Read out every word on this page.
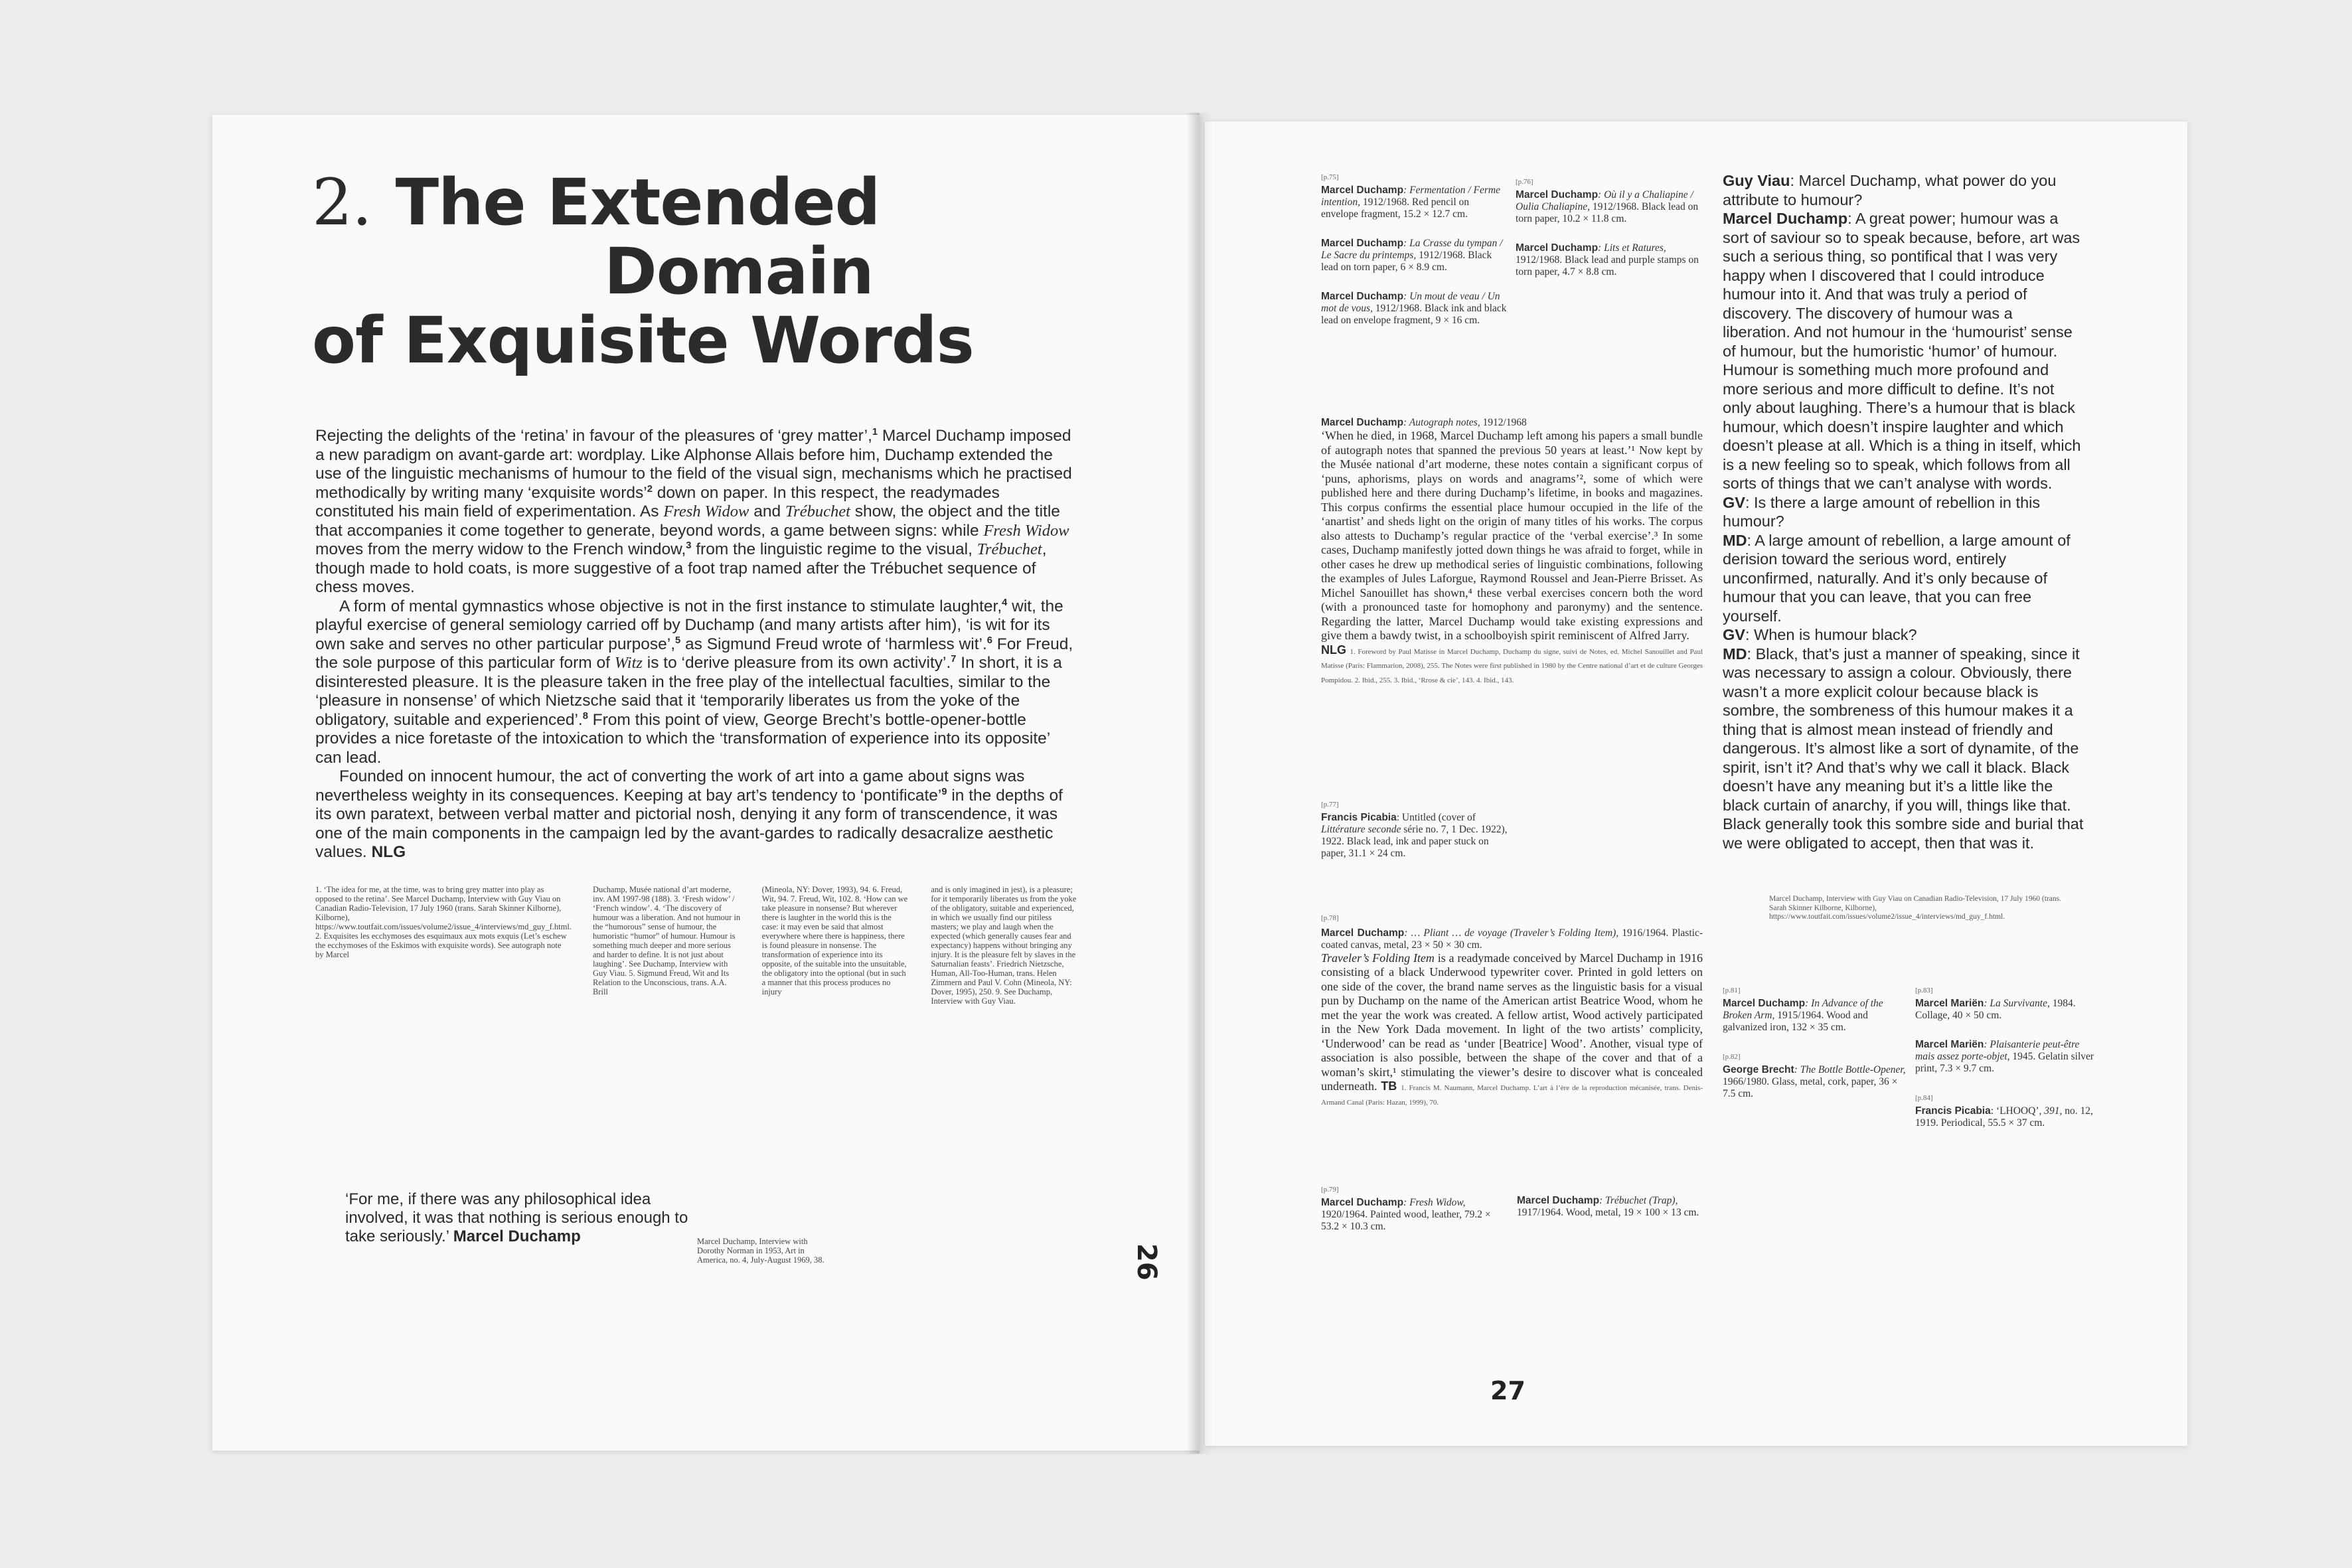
2. The Extended
Domain
of Exquisite Words

Rejecting the delights of the ‘retina’ in favour of the pleasures of ‘grey matter’,$^1$ Marcel Duchamp imposed a new paradigm on avant-garde art: wordplay. Like Alphonse Allais before him, Duchamp extended the use of the linguistic mechanisms of humour to the field of the visual sign, mechanisms which he practised methodically by writing many ‘exquisite words’$^2$ down on paper. In this respect, the readymades constituted his main field of experimentation. As Fresh Widow and Trébuchet show, the object and the title that accompanies it come together to generate, beyond words, a game between signs: while Fresh Widow moves from the merry widow to the French window,$^3$ from the linguistic regime to the visual, Trébuchet, though made to hold coats, is more suggestive of a foot trap named after the Trébuchet sequence of chess moves.

A form of mental gymnastics whose objective is not in the first instance to stimulate laughter,$^4$ wit, the playful exercise of general semiology carried off by Duchamp (and many artists after him), ‘is wit for its own sake and serves no other particular purpose’,$^5$ as Sigmund Freud wrote of ‘harmless wit’.$^6$ For Freud, the sole purpose of this particular form of Witz is to ‘derive pleasure from its own activity’.$^7$ In short, it is a disinterested pleasure. It is the pleasure taken in the free play of the intellectual faculties, similar to the ‘pleasure in nonsense’ of which Nietzsche said that it ‘temporarily liberates us from the yoke of the obligatory, suitable and experienced’.$^8$ From this point of view, George Brecht’s bottle-opener-bottle provides a nice foretaste of the intoxication to which the ‘transformation of experience into its opposite’ can lead.

Founded on innocent humour, the act of converting the work of art into a game about signs was nevertheless weighty in its consequences. Keeping at bay art’s tendency to ‘pontificate’$^9$ in the depths of its own paratext, between verbal matter and pictorial nosh, denying it any form of transcendence, it was one of the main components in the campaign led by the avant-gardes to radically desacralize aesthetic values. NLG

1. ‘The idea for me, at the time, was to bring grey matter into play as opposed to the retina’. See Marcel Duchamp, Interview with Guy Viau on Canadian Radio-Television, 17 July 1960 (trans. Sarah Skinner Kilborne), Kilborne), https://www.toutfait.com/issues/volume2/issue_4/interviews/md_guy_f.html. 2. Exquisites les ecchymoses des esquimaux aux mots exquis (Let’s eschew the ecchymoses of the Eskimos with exquisite words). See autograph note by Marcel
Duchamp, Musée national d’art moderne, inv. AM 1997-98 (188). 3. ‘Fresh widow’ / ‘French window’. 4. ‘The discovery of humour was a liberation. And not humour in the “humorous” sense of humour, the humoristic “humor” of humour. Humour is something much deeper and more serious and harder to define. It is not just about laughing’. See Duchamp, Interview with Guy Viau. 5. Sigmund Freud, Wit and Its Relation to the Unconscious, trans. A.A. Brill
(Mineola, NY: Dover, 1993), 94. 6. Freud, Wit, 94. 7. Freud, Wit, 102. 8. ‘How can we take pleasure in nonsense? But wherever there is laughter in the world this is the case: it may even be said that almost everywhere where there is happiness, there is found pleasure in nonsense. The transformation of experience into its opposite, of the suitable into the unsuitable, the obligatory into the optional (but in such a manner that this process produces no injury
and is only imagined in jest), is a pleasure; for it temporarily liberates us from the yoke of the obligatory, suitable and experienced, in which we usually find our pitiless masters; we play and laugh when the expected (which generally causes fear and expectancy) happens without bringing any injury. It is the pleasure felt by slaves in the Saturnalian feasts’. Friedrich Nietzsche, Human, All-Too-Human, trans. Helen Zimmern and Paul V. Cohn (Mineola, NY: Dover, 1995), 250. 9. See Duchamp, Interview with Guy Viau.
‘For me, if there was any philosophical idea involved, it was that nothing is serious enough to take seriously.’ Marcel Duchamp	Marcel Duchamp, Interview with Dorothy Norman in 1953, Art in America, no. 4, July-August 1969, 38.	26
[p.75]

Marcel Duchamp: Fermentation / Ferme intention, 1912/1968. Red pencil on envelope fragment, 15.2 × 12.7 cm.

Marcel Duchamp: La Crasse du tympan / Le Sacre du printemps, 1912/1968. Black lead on torn paper, 6 × 8.9 cm.

Marcel Duchamp: Un mout de veau / Un mot de vous, 1912/1968. Black ink and black lead on envelope fragment, 9 × 16 cm.

[p.76]

Marcel Duchamp: Où il y a Chaliapine / Oulia Chaliapine, 1912/1968. Black lead on torn paper, 10.2 × 11.8 cm.

Marcel Duchamp: Lits et Ratures, 1912/1968. Black lead and purple stamps on torn paper, 4.7 × 8.8 cm.

Marcel Duchamp: Autograph notes, 1912/1968

‘When he died, in 1968, Marcel Duchamp left among his papers a small bundle of autograph notes that spanned the previous 50 years at least.’¹ Now kept by the Musée national d’art moderne, these notes contain a significant corpus of ‘puns, aphorisms, plays on words and anagrams’², some of which were published here and there during Duchamp’s lifetime, in books and magazines. This corpus confirms the essential place humour occupied in the life of the ‘anartist’ and sheds light on the origin of many titles of his works. The corpus also attests to Duchamp’s regular practice of the ‘verbal exercise’.³ In some cases, Duchamp manifestly jotted down things he was afraid to forget, while in other cases he drew up methodical series of linguistic combinations, following the examples of Jules Laforgue, Raymond Roussel and Jean-Pierre Brisset. As Michel Sanouillet has shown,⁴ these verbal exercises concern both the word (with a pronounced taste for homophony and paronymy) and the sentence. Regarding the latter, Marcel Duchamp would take existing expressions and give them a bawdy twist, in a schoolboyish spirit reminiscent of Alfred Jarry.

NLG 1. Foreword by Paul Matisse in Marcel Duchamp, Duchamp du signe, suivi de Notes, ed. Michel Sanouillet and Paul Matisse (Paris: Flammarion, 2008), 255. The Notes were first published in 1980 by the Centre national d’art et de culture Georges Pompidou. 2. Ibid., 255. 3. Ibid., ‘Rrose & cie’, 143. 4. Ibid., 143.

[p.77]

Francis Picabia: Untitled (cover of Littérature seconde série no. 7, 1 Dec. 1922), 1922. Black lead, ink and paper stuck on paper, 31.1 × 24 cm.

[p.78]

Marcel Duchamp: … Pliant … de voyage (Traveler’s Folding Item), 1916/1964. Plastic-coated canvas, metal, 23 × 50 × 30 cm.

Traveler’s Folding Item is a readymade conceived by Marcel Duchamp in 1916 consisting of a black Underwood typewriter cover. Printed in gold letters on one side of the cover, the brand name serves as the linguistic basis for a visual pun by Duchamp on the name of the American artist Beatrice Wood, whom he met the year the work was created. A fellow artist, Wood actively participated in the New York Dada movement. In light of the two artists’ complicity, ‘Underwood’ can be read as ‘under [Beatrice] Wood’. Another, visual type of association is also possible, between the shape of the cover and that of a woman’s skirt,¹ stimulating the viewer’s desire to discover what is concealed underneath. TB 1. Francis M. Naumann, Marcel Duchamp. L’art à l’ère de la reproduction mécanisée, trans. Denis-Armand Canal (Paris: Hazan, 1999), 70.

[p.79]

Marcel Duchamp: Fresh Widow, 1920/1964. Painted wood, leather, 79.2 × 53.2 × 10.3 cm.

Marcel Duchamp: Trébuchet (Trap), 1917/1964. Wood, metal, 19 × 100 × 13 cm.

Guy Viau: Marcel Duchamp, what power do you attribute to humour?

Marcel Duchamp: A great power; humour was a sort of saviour so to speak because, before, art was such a serious thing, so pontifical that I was very happy when I discovered that I could introduce humour into it. And that was truly a period of discovery. The discovery of humour was a liberation. And not humour in the ‘humourist’ sense of humour, but the humoristic ‘humor’ of humour. Humour is something much more profound and more serious and more difficult to define. It’s not only about laughing. There’s a humour that is black humour, which doesn’t inspire laughter and which doesn’t please at all. Which is a thing in itself, which is a new feeling so to speak, which follows from all sorts of things that we can’t analyse with words.

GV: Is there a large amount of rebellion in this humour?

MD: A large amount of rebellion, a large amount of derision toward the serious word, entirely unconfirmed, naturally. And it’s only because of humour that you can leave, that you can free yourself.

GV: When is humour black?

MD: Black, that’s just a manner of speaking, since it was necessary to assign a colour. Obviously, there wasn’t a more explicit colour because black is sombre, the sombreness of this humour makes it a thing that is almost mean instead of friendly and dangerous. It’s almost like a sort of dynamite, of the spirit, isn’t it? And that’s why we call it black. Black doesn’t have any meaning but it’s a little like the black curtain of anarchy, if you will, things like that. Black generally took this sombre side and burial that we were obligated to accept, then that was it.

Marcel Duchamp, Interview with Guy Viau on Canadian Radio-Television, 17 July 1960 (trans. Sarah Skinner Kilborne, Kilborne), https://www.toutfait.com/issues/volume2/issue_4/interviews/md_guy_f.html.
[p.81]

Marcel Duchamp: In Advance of the Broken Arm, 1915/1964. Wood and galvanized iron, 132 × 35 cm.

[p.82]

George Brecht: The Bottle Bottle-Opener, 1966/1980. Glass, metal, cork, paper, 36 × 7.5 cm.

[p.83]

Marcel Mariën: La Survivante, 1984. Collage, 40 × 50 cm.

Marcel Mariën: Plaisanterie peut-être mais assez porte-objet, 1945. Gelatin silver print, 7.3 × 9.7 cm.

[p.84]

Francis Picabia: ‘LHOOQ’, 391, no. 12, 1919. Periodical, 55.5 × 37 cm.

27
